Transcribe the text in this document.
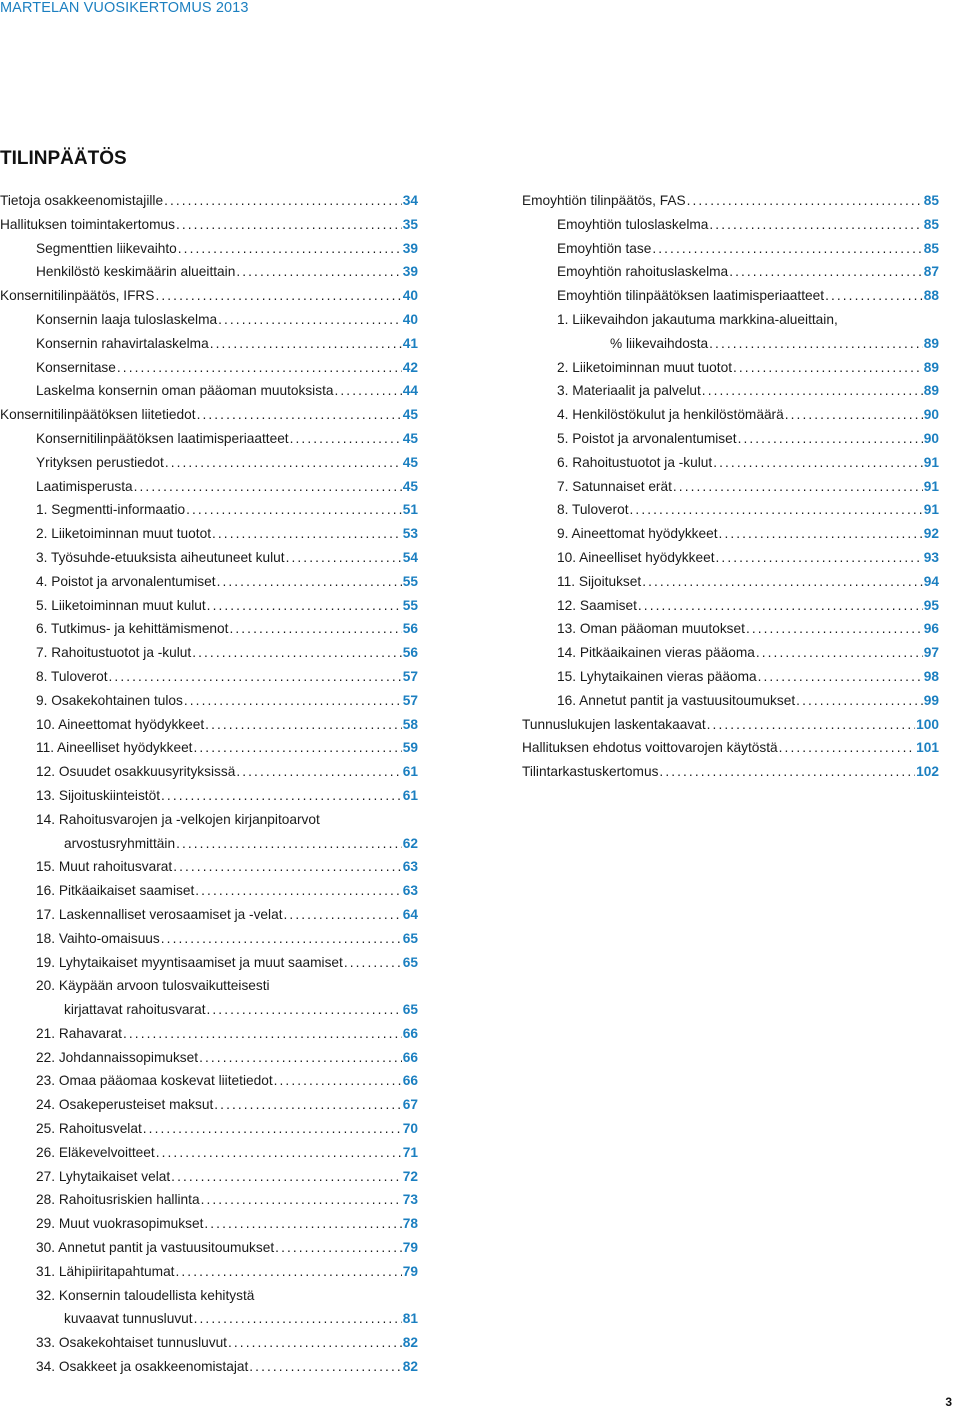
MARTELAN VUOSIKERTOMUS 2013
TILINPÄÄTÖS
Tietoja osakkeenomistajille .....	34
Hallituksen toimintakertomus .....	35
Segmenttien liikevaihto .....	39
Henkilöstö keskimäärin alueittain .....	39
Konsernitilinpäätös, IFRS .....	40
Konsernin laaja tuloslaskelma .....	40
Konsernin rahavirtalaskelma .....	41
Konsernitase .....	42
Laskelma konsernin oman pääoman muutoksista .....	44
Konsernitilinpäätöksen liitetiedot .....	45
Konsernitilinpäätöksen laatimisperiaatteet .....	45
Yrityksen perustiedot .....	45
Laatimisperusta .....	45
1. Segmentti-informaatio .....	51
2. Liiketoiminnan muut tuotot .....	53
3. Työsuhde-etuuksista aiheutuneet kulut .....	54
4. Poistot ja arvonalentumiset .....	55
5. Liiketoiminnan muut kulut .....	55
6. Tutkimus- ja kehittämismenot .....	56
7. Rahoitustuotot ja -kulut .....	56
8. Tuloverot .....	57
9. Osakekohtainen tulos .....	57
10. Aineettomat hyödykkeet .....	58
11. Aineelliset hyödykkeet .....	59
12. Osuudet osakkuusyrityksissä .....	61
13. Sijoituskiinteistöt .....	61
14. Rahoitusvarojen ja -velkojen kirjanpitoarvot
arvostusryhmittäin .....	62
15. Muut rahoitusvarat .....	63
16. Pitkäaikaiset saamiset .....	63
17. Laskennalliset verosaamiset ja -velat .....	64
18. Vaihto-omaisuus .....	65
19. Lyhytaikaiset myyntisaamiset ja muut saamiset .....	65
20. Käypään arvoon tulosvaikutteisesti
kirjattavat rahoitusvarat .....	65
21. Rahavarat .....	66
22. Johdannaissopimukset .....	66
23. Omaa pääomaa koskevat liitetiedot .....	66
24. Osakeperusteiset maksut .....	67
25. Rahoitusvelat .....	70
26. Eläkevelvoitteet .....	71
27. Lyhytaikaiset velat .....	72
28. Rahoitusriskien hallinta .....	73
29. Muut vuokrasopimukset .....	78
30. Annetut pantit ja vastuusitoumukset .....	79
31. Lähipiiritapahtumat .....	79
32. Konsernin taloudellista kehitystä
kuvaavat tunnusluvut .....	81
33. Osakekohtaiset tunnusluvut .....	82
34. Osakkeet ja osakkeenomistajat .....	82
Emoyhtiön tilinpäätös, FAS .....	85
Emoyhtiön tuloslaskelma .....	85
Emoyhtiön tase .....	85
Emoyhtiön rahoituslaskelma .....	87
Emoyhtiön tilinpäätöksen laatimisperiaatteet .....	88
1. Liikevaihdon jakautuma markkina-alueittain,
% liikevaihdosta .....	89
2. Liiketoiminnan muut tuotot .....	89
3. Materiaalit ja palvelut .....	89
4. Henkilöstökulut ja henkilöstömäärä .....	90
5. Poistot ja arvonalentumiset .....	90
6. Rahoitustuotot ja -kulut .....	91
7. Satunnaiset erät .....	91
8. Tuloverot .....	91
9. Aineettomat hyödykkeet .....	92
10. Aineelliset hyödykkeet .....	93
11. Sijoitukset .....	94
12. Saamiset .....	95
13. Oman pääoman muutokset .....	96
14. Pitkäaikainen vieras pääoma .....	97
15. Lyhytaikainen vieras pääoma .....	98
16. Annetut pantit ja vastuusitoumukset .....	99
Tunnuslukujen laskentakaavat .....	100
Hallituksen ehdotus voittovarojen käytöstä .....	101
Tilintarkastuskertomus .....	102
3
